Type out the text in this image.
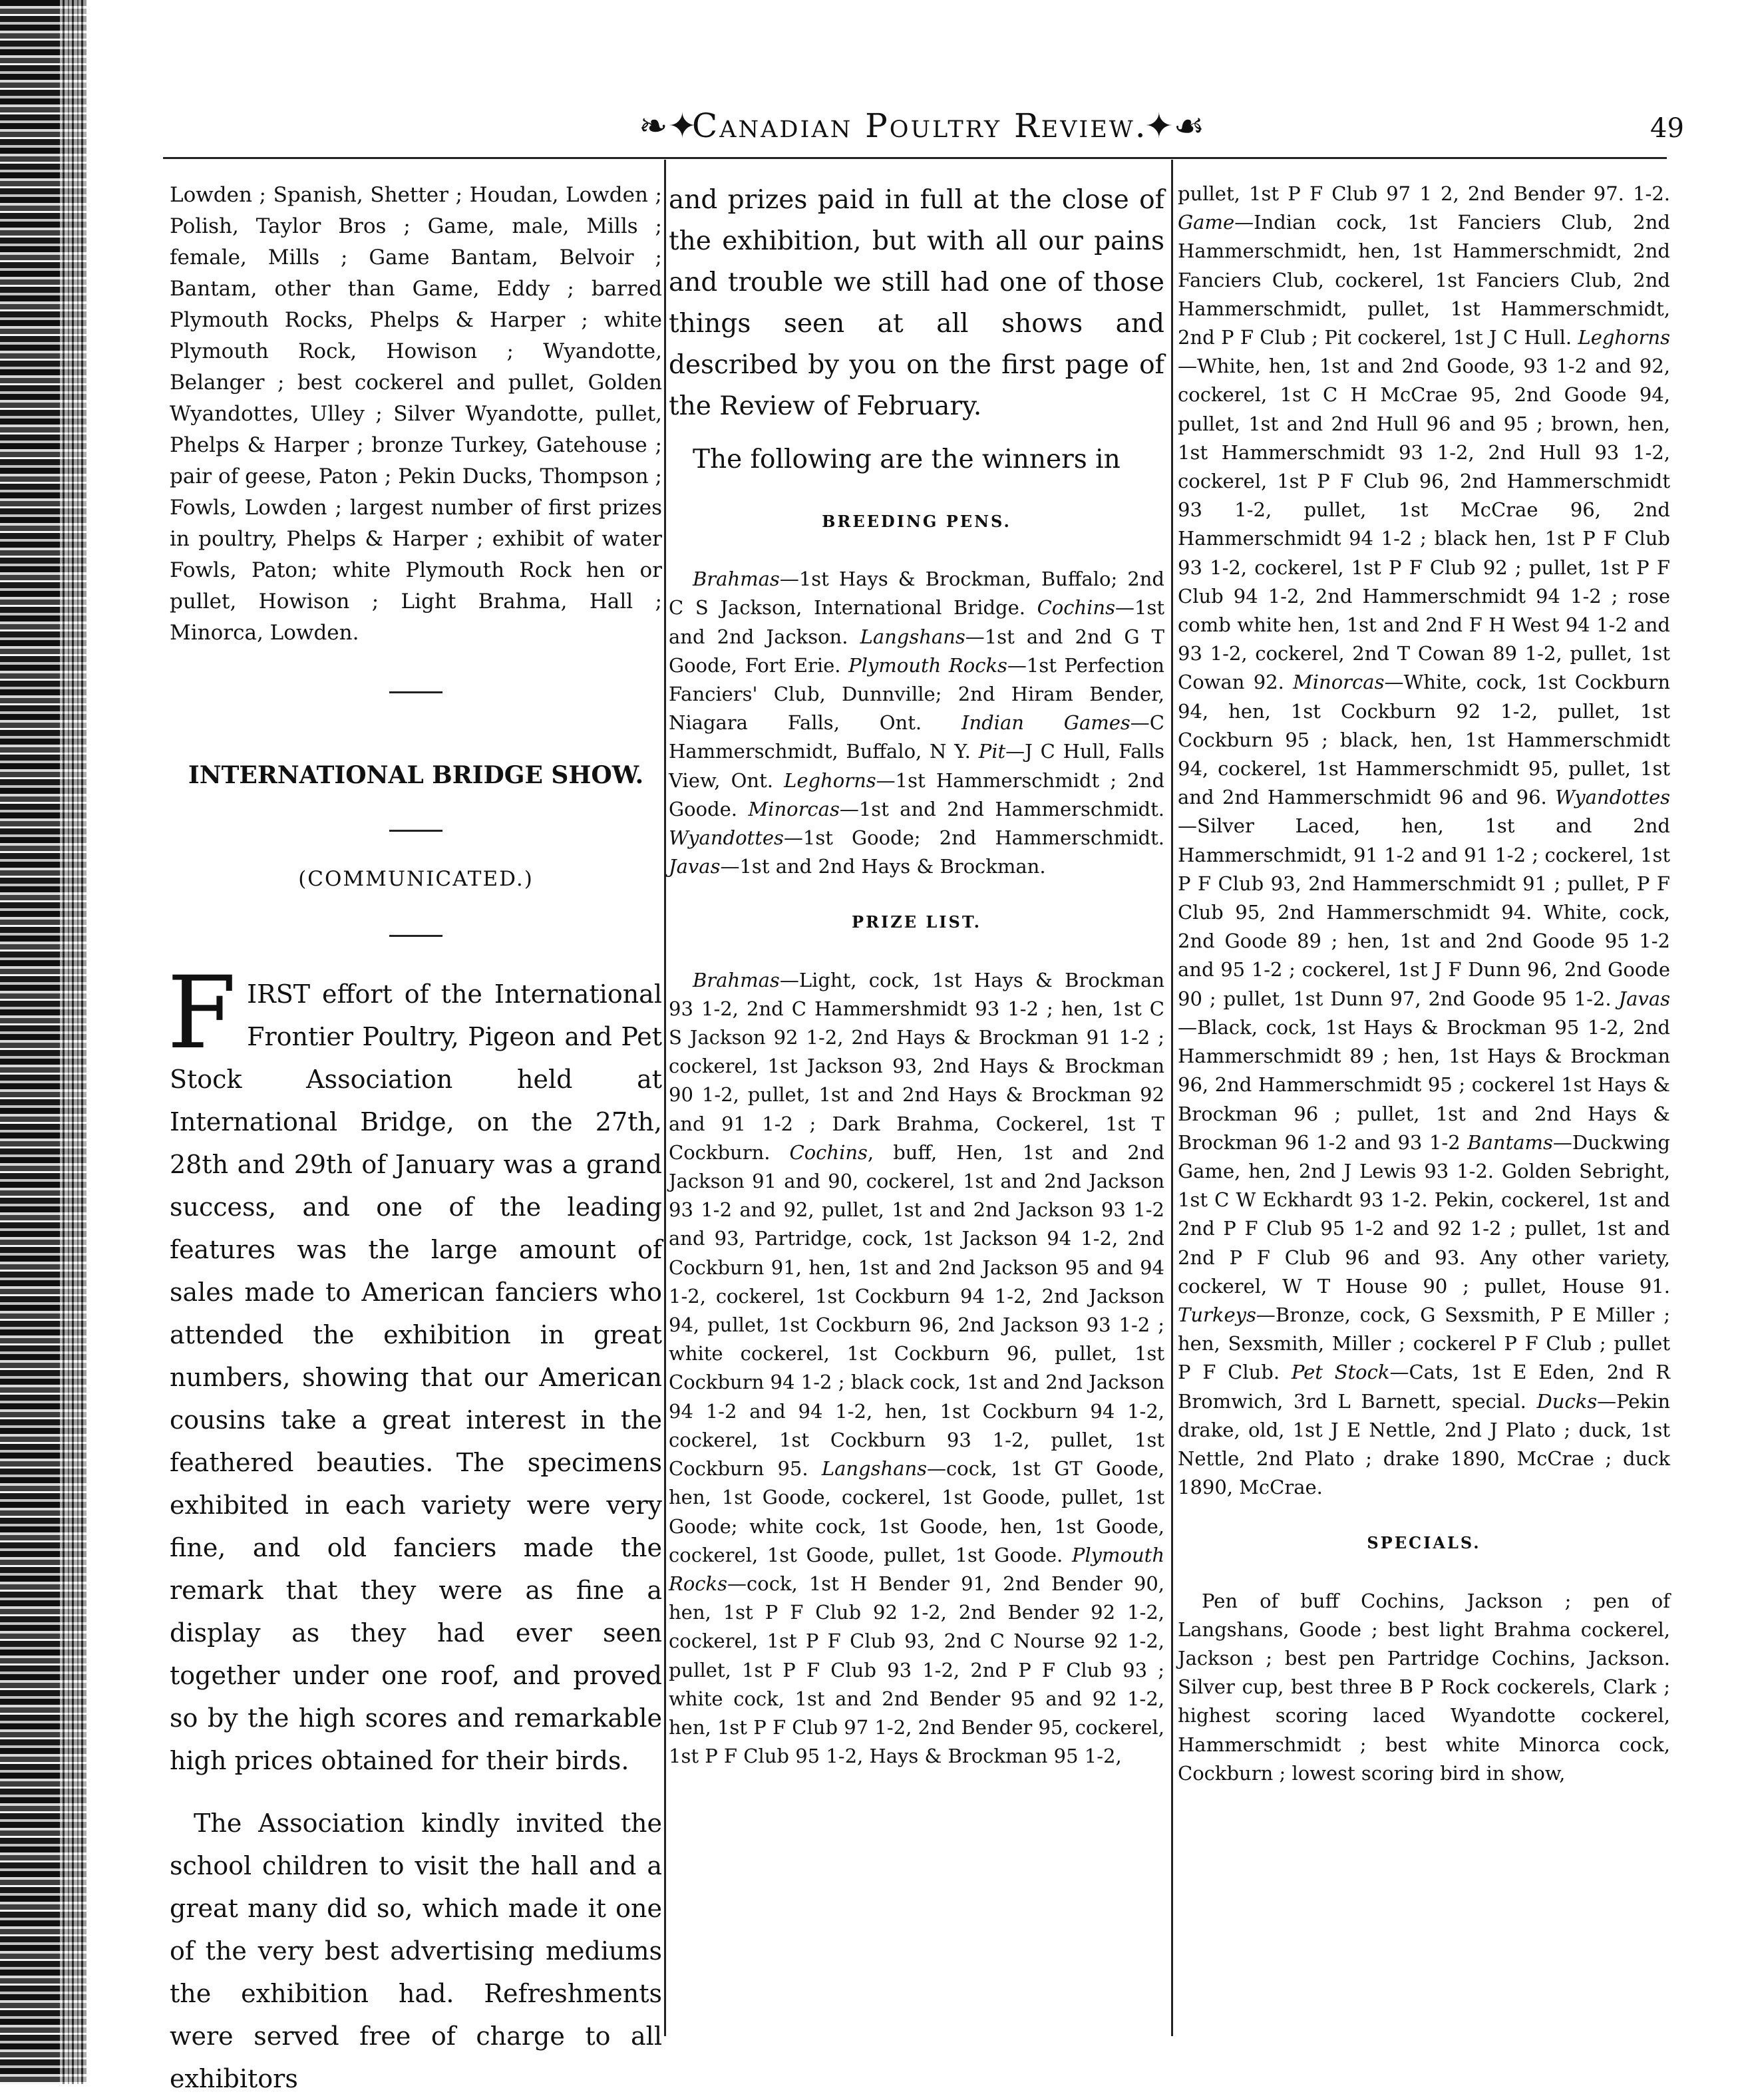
❧✦
Canadian Poultry Review.
✦☙	49

Lowden ; Spanish, Shetter ; Houdan, Lowden ; Polish, Taylor Bros ; Game, male, Mills ; female, Mills ; Game Bantam, Belvoir ; Bantam, other than Game, Eddy ; barred Plymouth Rocks, Phelps & Harper ; white Plymouth Rock, Howison ; Wyandotte, Belanger ; best cockerel and pullet, Golden Wyandottes, Ulley ; Silver Wyandotte, pullet, Phelps & Harper ; bronze Turkey, Gatehouse ; pair of geese, Paton ; Pekin Ducks, Thompson ; Fowls, Lowden ; largest number of first prizes in poultry, Phelps & Harper ; exhibit of water Fowls, Paton; white Plymouth Rock hen or pullet, Howison ; Light Brahma, Hall ; Minorca, Lowden.

INTERNATIONAL BRIDGE SHOW.
(COMMUNICATED.)

FIRST effort of the International Frontier Poultry, Pigeon and Pet Stock Association held at International Bridge, on the 27th, 28th and 29th of January was a grand success, and one of the leading features was the large amount of sales made to American fanciers who attended the exhibition in great numbers, showing that our American cousins take a great interest in the feathered beauties. The specimens exhibited in each variety were very fine, and old fanciers made the remark that they were as fine a display as they had ever seen together under one roof, and proved so by the high scores and remarkable high prices obtained for their birds.

The Association kindly invited the school children to visit the hall and a great many did so, which made it one of the very best advertising mediums the exhibition had. Refreshments were served free of charge to all exhibitors

and prizes paid in full at the close of the exhibition, but with all our pains and trouble we still had one of those things seen at all shows and described by you on the first page of the Review of February.

The following are the winners in

BREEDING PENS.

Brahmas—1st Hays & Brockman, Buffalo; 2nd C S Jackson, International Bridge. Cochins—1st and 2nd Jackson. Langshans—1st and 2nd G T Goode, Fort Erie. Plymouth Rocks—1st Perfection Fanciers' Club, Dunnville; 2nd Hiram Bender, Niagara Falls, Ont. Indian Games—C Hammerschmidt, Buffalo, N Y. Pit—J C Hull, Falls View, Ont. Leghorns—1st Hammerschmidt ; 2nd Goode. Minorcas—1st and 2nd Hammerschmidt. Wyandottes—1st Goode; 2nd Hammerschmidt. Javas—1st and 2nd Hays & Brockman.

PRIZE LIST.

Brahmas—Light, cock, 1st Hays & Brockman 93 1-2, 2nd C Hammershmidt 93 1-2 ; hen, 1st C S Jackson 92 1-2, 2nd Hays & Brockman 91 1-2 ; cockerel, 1st Jackson 93, 2nd Hays & Brockman 90 1-2, pullet, 1st and 2nd Hays & Brockman 92 and 91 1-2 ; Dark Brahma, Cockerel, 1st T Cockburn. Cochins, buff, Hen, 1st and 2nd Jackson 91 and 90, cockerel, 1st and 2nd Jackson 93 1-2 and 92, pullet, 1st and 2nd Jackson 93 1-2 and 93, Partridge, cock, 1st Jackson 94 1-2, 2nd Cockburn 91, hen, 1st and 2nd Jackson 95 and 94 1-2, cockerel, 1st Cockburn 94 1-2, 2nd Jackson 94, pullet, 1st Cockburn 96, 2nd Jackson 93 1-2 ; white cockerel, 1st Cockburn 96, pullet, 1st Cockburn 94 1-2 ; black cock, 1st and 2nd Jackson 94 1-2 and 94 1-2, hen, 1st Cockburn 94 1-2, cockerel, 1st Cockburn 93 1-2, pullet, 1st Cockburn 95. Langshans—cock, 1st GT Goode, hen, 1st Goode, cockerel, 1st Goode, pullet, 1st Goode; white cock, 1st Goode, hen, 1st Goode, cockerel, 1st Goode, pullet, 1st Goode. Plymouth Rocks—cock, 1st H Bender 91, 2nd Bender 90, hen, 1st P F Club 92 1-2, 2nd Bender 92 1-2, cockerel, 1st P F Club 93, 2nd C Nourse 92 1-2, pullet, 1st P F Club 93 1-2, 2nd P F Club 93 ; white cock, 1st and 2nd Bender 95 and 92 1-2, hen, 1st P F Club 97 1-2, 2nd Bender 95, cockerel, 1st P F Club 95 1-2, Hays & Brockman 95 1-2,

pullet, 1st P F Club 97 1 2, 2nd Bender 97. 1-2. Game—Indian cock, 1st Fanciers Club, 2nd Hammerschmidt, hen, 1st Hammerschmidt, 2nd Fanciers Club, cockerel, 1st Fanciers Club, 2nd Hammerschmidt, pullet, 1st Hammerschmidt, 2nd P F Club ; Pit cockerel, 1st J C Hull. Leghorns—White, hen, 1st and 2nd Goode, 93 1-2 and 92, cockerel, 1st C H McCrae 95, 2nd Goode 94, pullet, 1st and 2nd Hull 96 and 95 ; brown, hen, 1st Hammerschmidt 93 1-2, 2nd Hull 93 1-2, cockerel, 1st P F Club 96, 2nd Hammerschmidt 93 1-2, pullet, 1st McCrae 96, 2nd Hammerschmidt 94 1-2 ; black hen, 1st P F Club 93 1-2, cockerel, 1st P F Club 92 ; pullet, 1st P F Club 94 1-2, 2nd Hammerschmidt 94 1-2 ; rose comb white hen, 1st and 2nd F H West 94 1-2 and 93 1-2, cockerel, 2nd T Cowan 89 1-2, pullet, 1st Cowan 92. Minorcas—White, cock, 1st Cockburn 94, hen, 1st Cockburn 92 1-2, pullet, 1st Cockburn 95 ; black, hen, 1st Hammerschmidt 94, cockerel, 1st Hammerschmidt 95, pullet, 1st and 2nd Hammerschmidt 96 and 96. Wyandottes—Silver Laced, hen, 1st and 2nd Hammerschmidt, 91 1-2 and 91 1-2 ; cockerel, 1st P F Club 93, 2nd Hammerschmidt 91 ; pullet, P F Club 95, 2nd Hammerschmidt 94. White, cock, 2nd Goode 89 ; hen, 1st and 2nd Goode 95 1-2 and 95 1-2 ; cockerel, 1st J F Dunn 96, 2nd Goode 90 ; pullet, 1st Dunn 97, 2nd Goode 95 1-2. Javas—Black, cock, 1st Hays & Brockman 95 1-2, 2nd Hammerschmidt 89 ; hen, 1st Hays & Brockman 96, 2nd Hammerschmidt 95 ; cockerel 1st Hays & Brockman 96 ; pullet, 1st and 2nd Hays & Brockman 96 1-2 and 93 1-2 Bantams—Duckwing Game, hen, 2nd J Lewis 93 1-2. Golden Sebright, 1st C W Eckhardt 93 1-2. Pekin, cockerel, 1st and 2nd P F Club 95 1-2 and 92 1-2 ; pullet, 1st and 2nd P F Club 96 and 93. Any other variety, cockerel, W T House 90 ; pullet, House 91. Turkeys—Bronze, cock, G Sexsmith, P E Miller ; hen, Sexsmith, Miller ; cockerel P F Club ; pullet P F Club. Pet Stock—Cats, 1st E Eden, 2nd R Bromwich, 3rd L Barnett, special. Ducks—Pekin drake, old, 1st J E Nettle, 2nd J Plato ; duck, 1st Nettle, 2nd Plato ; drake 1890, McCrae ; duck 1890, McCrae.

SPECIALS.

Pen of buff Cochins, Jackson ; pen of Langshans, Goode ; best light Brahma cockerel, Jackson ; best pen Partridge Cochins, Jackson. Silver cup, best three B P Rock cockerels, Clark ; highest scoring laced Wyandotte cockerel, Hammerschmidt ; best white Minorca cock, Cockburn ; lowest scoring bird in show,
